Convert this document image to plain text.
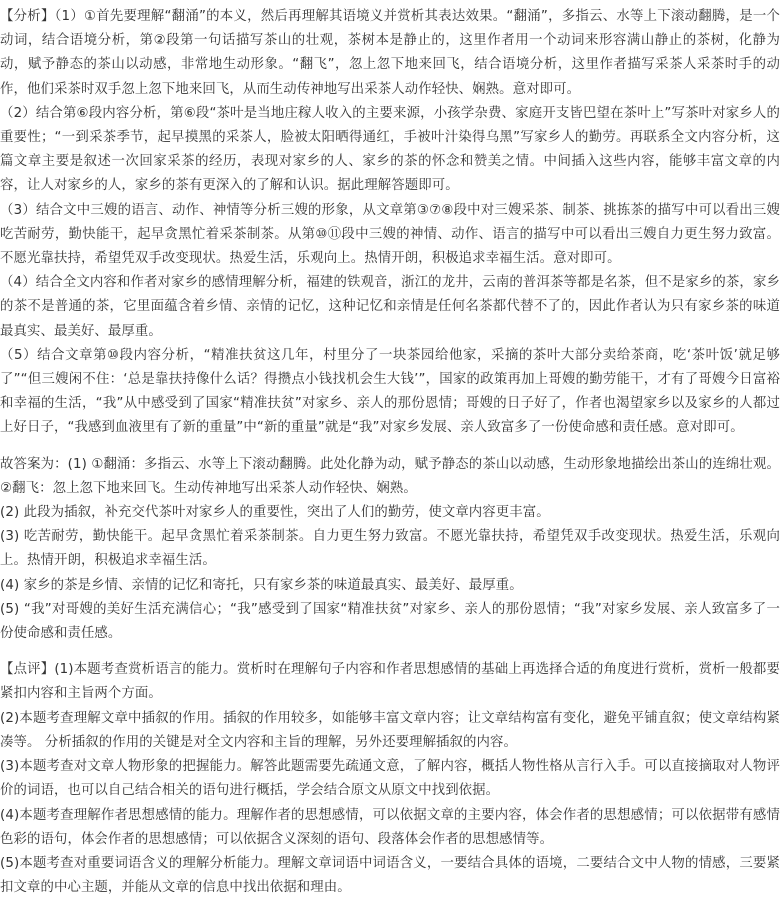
【分析】（1）①首先要理解“翻涌”的本义，然后再理解其语境义并赏析其表达效果。“翻涌”，多指云、水等上下滚动翻腾，是一个动词，结合语境分析，第②段第一句话描写茶山的壮观，茶树本是静止的，这里作者用一个动词来形容满山静止的茶树，化静为动，赋予静态的茶山以动感，非常地生动形象。“翻飞”，忽上忽下地来回飞，结合语境分析，这里作者描写采茶人采茶时手的动作，他们采茶时双手忽上忽下地来回飞，从而生动传神地写出采茶人动作轻快、娴熟。意对即可。

（2）结合第⑥段内容分析，第⑥段“茶叶是当地庄稼人收入的主要来源，小孩学杂费、家庭开支皆巴望在茶叶上”写茶叶对家乡人的重要性；“一到采茶季节，起早摸黑的采茶人，脸被太阳晒得通红，手被叶汁染得乌黑”写家乡人的勤劳。再联系全文内容分析，这篇文章主要是叙述一次回家采茶的经历，表现对家乡的人、家乡的茶的怀念和赞美之情。中间插入这些内容，能够丰富文章的内容，让人对家乡的人，家乡的茶有更深入的了解和认识。据此理解答题即可。

（3）结合文中三嫂的语言、动作、神情等分析三嫂的形象，从文章第③⑦⑧段中对三嫂采茶、制茶、挑拣茶的描写中可以看出三嫂吃苦耐劳，勤快能干，起早贪黑忙着采茶制茶。从第⑩⑪段中三嫂的神情、动作、语言的描写中可以看出三嫂自力更生努力致富。不愿光靠扶持，希望凭双手改变现状。热爱生活，乐观向上。热情开朗，积极追求幸福生活。意对即可。

（4）结合全文内容和作者对家乡的感情理解分析，福建的铁观音，浙江的龙井，云南的普洱茶等都是名茶，但不是家乡的茶，家乡的茶不是普通的茶，它里面蕴含着乡情、亲情的记忆，这种记忆和亲情是任何名茶都代替不了的，因此作者认为只有家乡茶的味道最真实、最美好、最厚重。

（5）结合文章第⑩段内容分析，“精准扶贫这几年，村里分了一块茶园给他家，采摘的茶叶大部分卖给茶商，吃‘茶叶饭’就足够了”“但三嫂闲不住：‘总是靠扶持像什么话？得攒点小钱找机会生大钱’”，国家的政策再加上哥嫂的勤劳能干，才有了哥嫂今日富裕和幸福的生活，“我”从中感受到了国家“精准扶贫”对家乡、亲人的那份恩情；哥嫂的日子好了，作者也渴望家乡以及家乡的人都过上好日子，“我感到血液里有了新的重量”中“新的重量”就是“我”对家乡发展、亲人致富多了一份使命感和责任感。意对即可。

故答案为：(1) ①翻涌：多指云、水等上下滚动翻腾。此处化静为动，赋予静态的茶山以动感，生动形象地描绘出茶山的连绵壮观。②翻飞：忽上忽下地来回飞。生动传神地写出采茶人动作轻快、娴熟。

(2) 此段为插叙，补充交代茶叶对家乡人的重要性，突出了人们的勤劳，使文章内容更丰富。

(3) 吃苦耐劳，勤快能干。起早贪黑忙着采茶制茶。自力更生努力致富。不愿光靠扶持，希望凭双手改变现状。热爱生活，乐观向上。热情开朗，积极追求幸福生活。

(4) 家乡的茶是乡情、亲情的记忆和寄托，只有家乡茶的味道最真实、最美好、最厚重。

(5) “我”对哥嫂的美好生活充满信心；“我”感受到了国家“精准扶贫”对家乡、亲人的那份恩情；“我”对家乡发展、亲人致富多了一份使命感和责任感。

【点评】(1)本题考查赏析语言的能力。赏析时在理解句子内容和作者思想感情的基础上再选择合适的角度进行赏析，赏析一般都要紧扣内容和主旨两个方面。

(2)本题考查理解文章中插叙的作用。插叙的作用较多，如能够丰富文章内容；让文章结构富有变化，避免平铺直叙；使文章结构紧凑等。 分析插叙的作用的关键是对全文内容和主旨的理解，另外还要理解插叙的内容。

(3)本题考查对文章人物形象的把握能力。解答此题需要先疏通文意，了解内容，概括人物性格从言行入手。可以直接摘取对人物评价的词语，也可以自己结合相关的语句进行概括，学会结合原文从原文中找到依据。

(4)本题考查理解作者思想感情的能力。理解作者的思想感情，可以依据文章的主要内容，体会作者的思想感情；可以依据带有感情色彩的语句，体会作者的思想感情；可以依据含义深刻的语句、段落体会作者的思想感情等。

(5)本题考查对重要词语含义的理解分析能力。理解文章词语中词语含义，一要结合具体的语境，二要结合文中人物的情感，三要紧扣文章的中心主题，并能从文章的信息中找出依据和理由。
